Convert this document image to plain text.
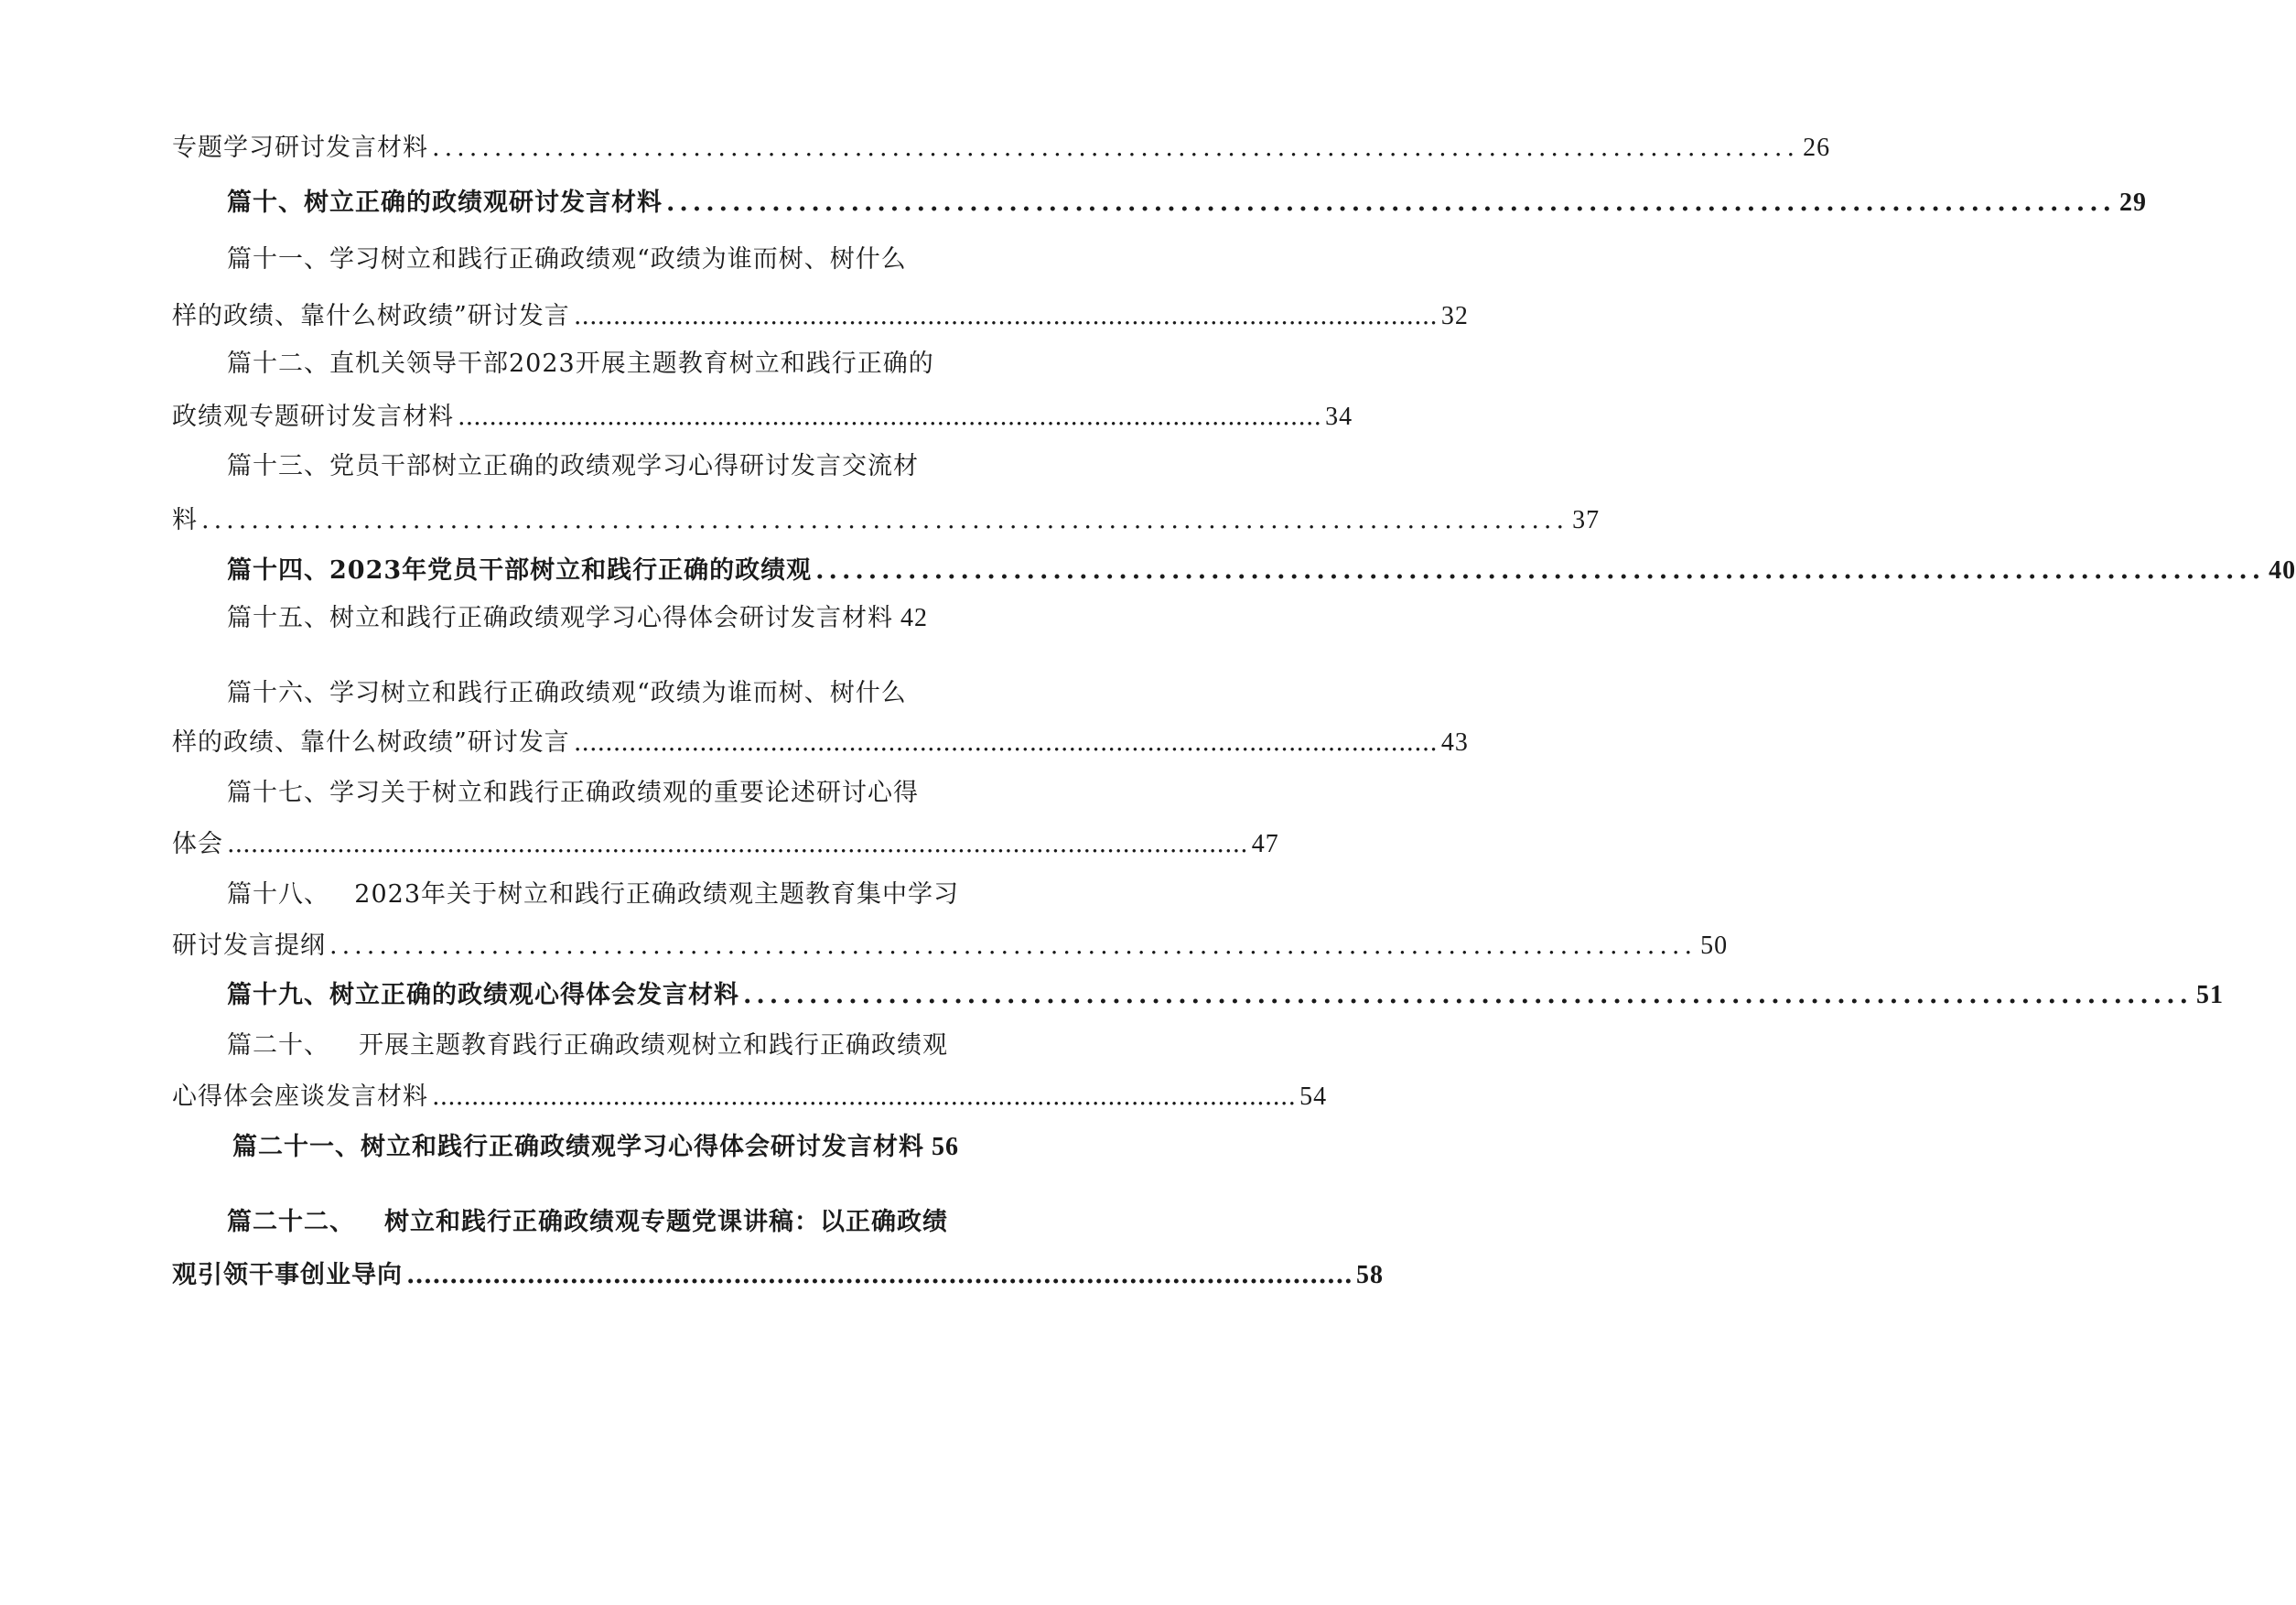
专题学习研讨发言材料 .............................................................................................................. 26
篇十、 树立正确的政绩观研讨发言材料 .............................................................................................................. 29
篇十一、学习树立和践行正确政绩观“政绩为谁而树、树什么
样的政绩、靠什么树政绩”研讨发言 .............................................................................................................. 32
篇十二、直机关领导干部2023开展主题教育树立和践行正确的
政绩观专题研讨发言材料 .............................................................................................................. 34
篇十三、党员干部树立正确的政绩观学习心得研讨发言交流材
料 .............................................................................................................. 37
篇十四、2023年党员干部树立和践行正确的政绩观 .............................................................................................................. 40
篇十五、树立和践行正确政绩观学习心得体会研讨发言材料 42
篇十六、学习树立和践行正确政绩观“政绩为谁而树、树什么
样的政绩、靠什么树政绩”研讨发言 .............................................................................................................. 43
篇十七、学习关于树立和践行正确政绩观的重要论述研讨心得
体会 .................................................................................................................................. 47
篇十八、 2023年关于树立和践行正确政绩观主题教育集中学习
研讨发言提纲 .............................................................................................................. 50
篇十九、树立正确的政绩观心得体会发言材料 .............................................................................................................. 51
篇二十、 开展主题教育践行正确政绩观树立和践行正确政绩观
心得体会座谈发言材料 .............................................................................................................. 54
篇二十一、树立和践行正确政绩观学习心得体会研讨发言材料 56
篇二十二、 树立和践行正确政绩观专题党课讲稿：以正确政绩
观引领干事创业导向 .............................................................................................................. 58
